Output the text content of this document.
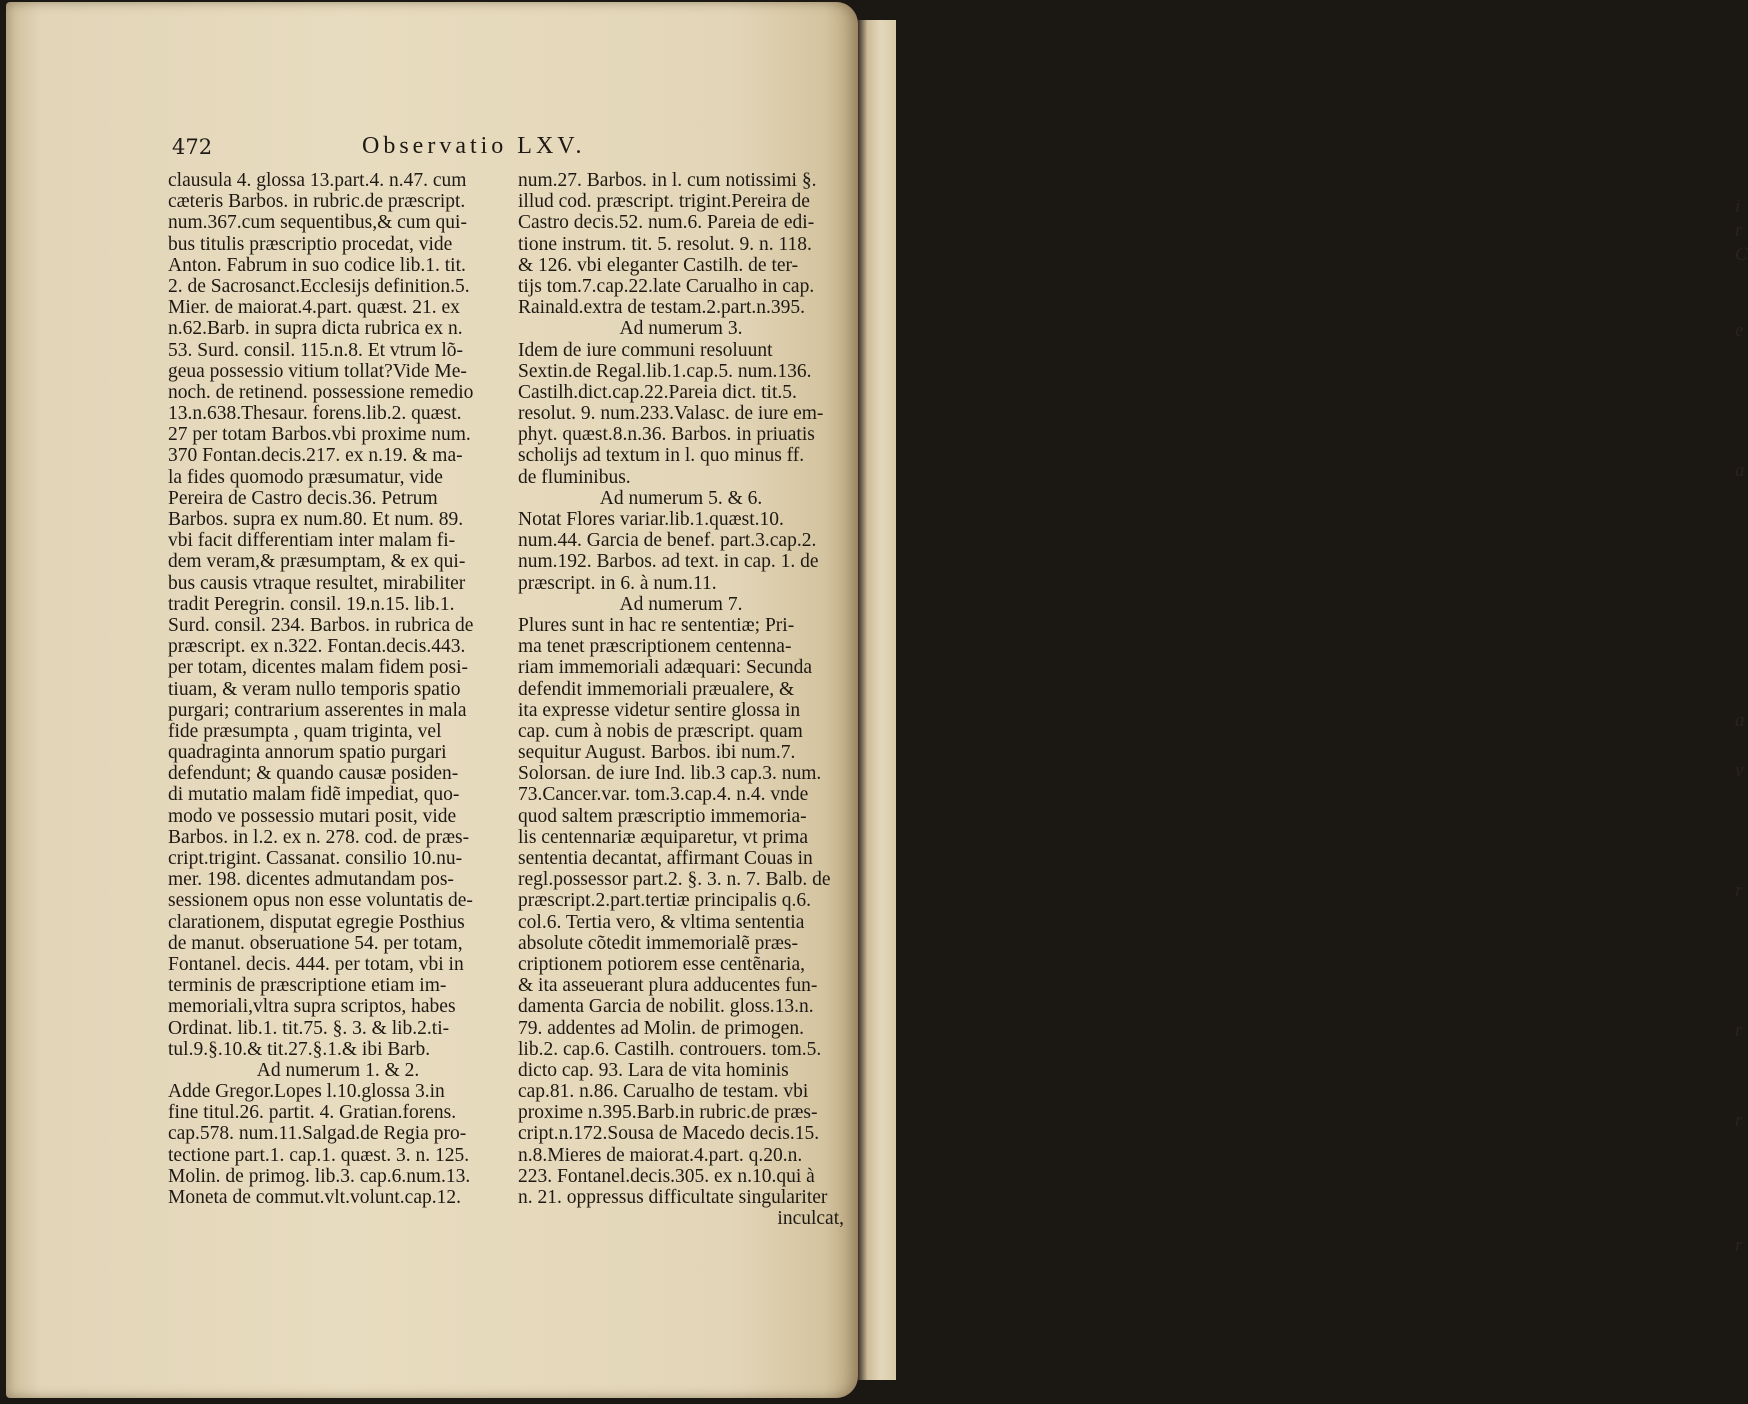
472	Observatio LXV.
clausula 4. glossa 13.part.4. n.47. cum
cæteris Barbos. in rubric.de præscript.
num.367.cum sequentibus,& cum qui-
bus titulis præscriptio procedat, vide
Anton. Fabrum in suo codice lib.1. tit.
2. de Sacrosanct.Ecclesijs definition.5.
Mier. de maiorat.4.part. quæst. 21. ex
n.62.Barb. in supra dicta rubrica ex n.
53. Surd. consil. 115.n.8. Et vtrum lõ-
geua possessio vitium tollat?Vide Me-
noch. de retinend. possessione remedio
13.n.638.Thesaur. forens.lib.2. quæst.
27 per totam Barbos.vbi proxime num.
370 Fontan.decis.217. ex n.19. & ma-
la fides quomodo præsumatur, vide
Pereira de Castro decis.36. Petrum
Barbos. supra ex num.80. Et num. 89.
vbi facit differentiam inter malam fi-
dem veram,& præsumptam, & ex qui-
bus causis vtraque resultet, mirabiliter
tradit Peregrin. consil. 19.n.15. lib.1.
Surd. consil. 234. Barbos. in rubrica de
præscript. ex n.322. Fontan.decis.443.
per totam, dicentes malam fidem posi-
tiuam, & veram nullo temporis spatio
purgari; contrarium asserentes in mala
fide præsumpta , quam triginta, vel
quadraginta annorum spatio purgari
defendunt; & quando causæ posiden-
di mutatio malam fidẽ impediat, quo-
modo ve possessio mutari posit, vide
Barbos. in l.2. ex n. 278. cod. de præs-
cript.trigint. Cassanat. consilio 10.nu-
mer. 198. dicentes admutandam pos-
sessionem opus non esse voluntatis de-
clarationem, disputat egregie Posthius
de manut. obseruatione 54. per totam,
Fontanel. decis. 444. per totam, vbi in
terminis de præscriptione etiam im-
memoriali,vltra supra scriptos, habes
Ordinat. lib.1. tit.75. §. 3. & lib.2.ti-
tul.9.§.10.& tit.27.§.1.& ibi Barb.
Ad numerum 1. & 2.
Adde Gregor.Lopes l.10.glossa 3.in
fine titul.26. partit. 4. Gratian.forens.
cap.578. num.11.Salgad.de Regia pro-
tectione part.1. cap.1. quæst. 3. n. 125.
Molin. de primog. lib.3. cap.6.num.13.
Moneta de commut.vlt.volunt.cap.12.
num.27. Barbos. in l. cum notissimi §.
illud cod. præscript. trigint.Pereira de
Castro decis.52. num.6. Pareia de edi-
tione instrum. tit. 5. resolut. 9. n. 118.
& 126. vbi eleganter Castilh. de ter-
tijs tom.7.cap.22.late Carualho in cap.
Rainald.extra de testam.2.part.n.395.
Ad numerum 3.
Idem de iure communi resoluunt
Sextin.de Regal.lib.1.cap.5. num.136.
Castilh.dict.cap.22.Pareia dict. tit.5.
resolut. 9. num.233.Valasc. de iure em-
phyt. quæst.8.n.36. Barbos. in priuatis
scholijs ad textum in l. quo minus ff.
de fluminibus.
Ad numerum 5. & 6.
Notat Flores variar.lib.1.quæst.10.
num.44. Garcia de benef. part.3.cap.2.
num.192. Barbos. ad text. in cap. 1. de
præscript. in 6. à num.11.
Ad numerum 7.
Plures sunt in hac re sententiæ; Pri-
ma tenet præscriptionem centenna-
riam immemoriali adæquari: Secunda
defendit immemoriali præualere, &
ita expresse videtur sentire glossa in
cap. cum à nobis de præscript. quam
sequitur August. Barbos. ibi num.7.
Solorsan. de iure Ind. lib.3 cap.3. num.
73.Cancer.var. tom.3.cap.4. n.4. vnde
quod saltem præscriptio immemoria-
lis centennariæ æquiparetur, vt prima
sententia decantat, affirmant Couas in
regl.possessor part.2. §. 3. n. 7. Balb. de
præscript.2.part.tertiæ principalis q.6.
col.6. Tertia vero, & vltima sententia
absolute cõtedit immemorialẽ præs-
criptionem potiorem esse centẽnaria,
& ita asseuerant plura adducentes fun-
damenta Garcia de nobilit. gloss.13.n.
79. addentes ad Molin. de primogen.
lib.2. cap.6. Castilh. controuers. tom.5.
dicto cap. 93. Lara de vita hominis
cap.81. n.86. Carualho de testam. vbi
proxime n.395.Barb.in rubric.de præs-
cript.n.172.Sousa de Macedo decis.15.
n.8.Mieres de maiorat.4.part. q.20.n.
223. Fontanel.decis.305. ex n.10.qui à
n. 21. oppressus difficultate singulariter
inculcat,
i
r
C
e
a
a
v
r
r
r
r
